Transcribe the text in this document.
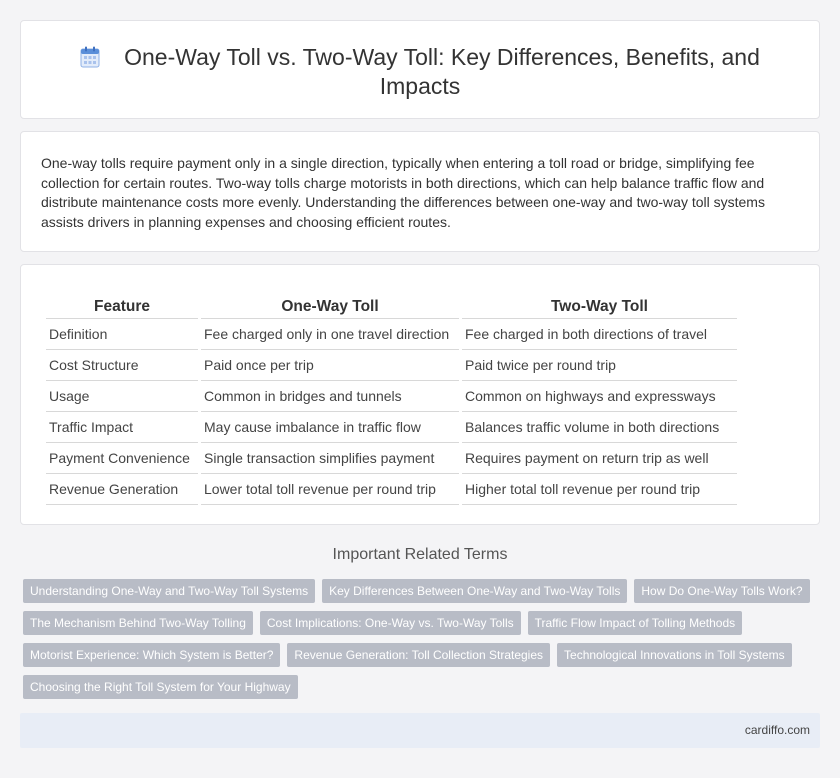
One-Way Toll vs. Two-Way Toll: Key Differences, Benefits, and Impacts

One-way tolls require payment only in a single direction, typically when entering a toll road or bridge, simplifying fee collection for certain routes. Two-way tolls charge motorists in both directions, which can help balance traffic flow and distribute maintenance costs more evenly. Understanding the differences between one-way and two-way toll systems assists drivers in planning expenses and choosing efficient routes.

Feature	One-Way Toll	Two-Way Toll
Definition	Fee charged only in one travel direction	Fee charged in both directions of travel
Cost Structure	Paid once per trip	Paid twice per round trip
Usage	Common in bridges and tunnels	Common on highways and expressways
Traffic Impact	May cause imbalance in traffic flow	Balances traffic volume in both directions
Payment Convenience	Single transaction simplifies payment	Requires payment on return trip as well
Revenue Generation	Lower total toll revenue per round trip	Higher total toll revenue per round trip
Important Related Terms
Understanding One-Way and Two-Way Toll Systems	Key Differences Between One-Way and Two-Way Tolls	How Do One-Way Tolls Work?
The Mechanism Behind Two-Way Tolling	Cost Implications: One-Way vs. Two-Way Tolls	Traffic Flow Impact of Tolling Methods
Motorist Experience: Which System is Better?	Revenue Generation: Toll Collection Strategies	Technological Innovations in Toll Systems
Choosing the Right Toll System for Your Highway
cardiffo.com
